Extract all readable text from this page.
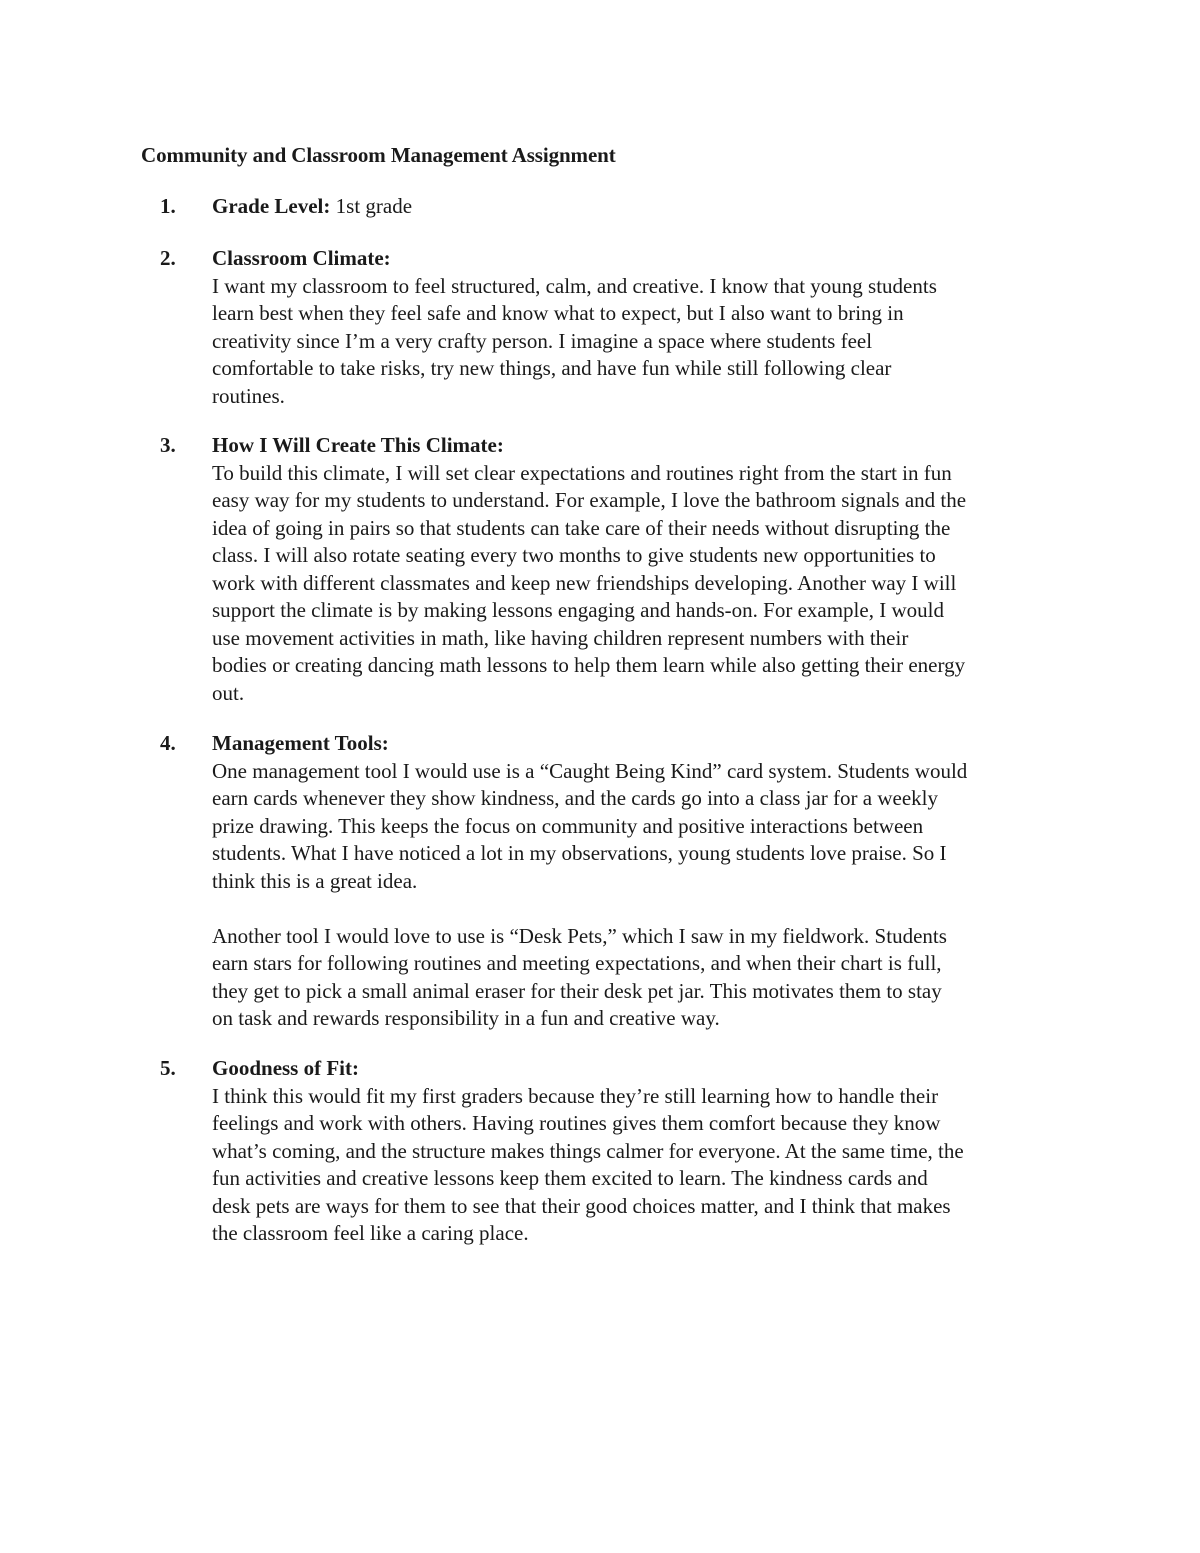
Community and Classroom Management Assignment
1. Grade Level: 1st grade
2. Classroom Climate:

I want my classroom to feel structured, calm, and creative. I know that young students
learn best when they feel safe and know what to expect, but I also want to bring in
creativity since I’m a very crafty person. I imagine a space where students feel
comfortable to take risks, try new things, and have fun while still following clear
routines.

3. How I Will Create This Climate:

To build this climate, I will set clear expectations and routines right from the start in fun
easy way for my students to understand. For example, I love the bathroom signals and the
idea of going in pairs so that students can take care of their needs without disrupting the
class. I will also rotate seating every two months to give students new opportunities to
work with different classmates and keep new friendships developing. Another way I will
support the climate is by making lessons engaging and hands-on. For example, I would
use movement activities in math, like having children represent numbers with their
bodies or creating dancing math lessons to help them learn while also getting their energy
out.

4. Management Tools:

One management tool I would use is a “Caught Being Kind” card system. Students would
earn cards whenever they show kindness, and the cards go into a class jar for a weekly
prize drawing. This keeps the focus on community and positive interactions between
students. What I have noticed a lot in my observations, young students love praise. So I
think this is a great idea.

Another tool I would love to use is “Desk Pets,” which I saw in my fieldwork. Students
earn stars for following routines and meeting expectations, and when their chart is full,
they get to pick a small animal eraser for their desk pet jar. This motivates them to stay
on task and rewards responsibility in a fun and creative way.

5. Goodness of Fit:

I think this would fit my first graders because they’re still learning how to handle their
feelings and work with others. Having routines gives them comfort because they know
what’s coming, and the structure makes things calmer for everyone. At the same time, the
fun activities and creative lessons keep them excited to learn. The kindness cards and
desk pets are ways for them to see that their good choices matter, and I think that makes
the classroom feel like a caring place.
